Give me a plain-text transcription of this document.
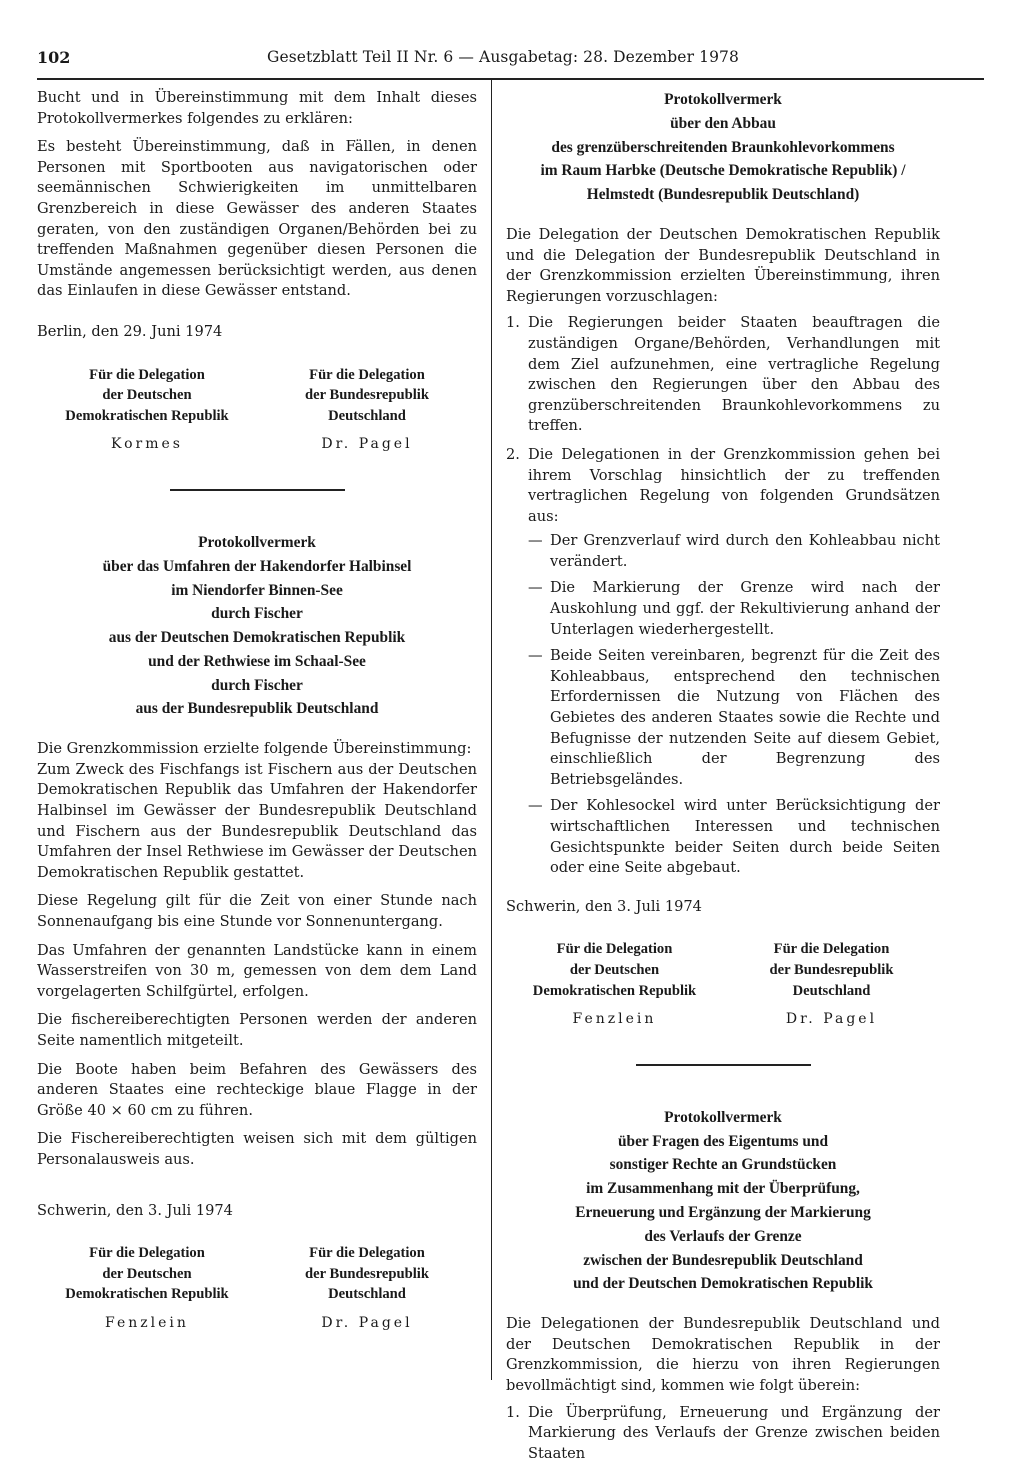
102	Gesetzblatt Teil II Nr. 6 — Ausgabetag: 28. Dezember 1978

Bucht und in Übereinstimmung mit dem Inhalt dieses Protokollvermerkes folgendes zu erklären:

Es besteht Übereinstimmung, daß in Fällen, in denen Personen mit Sportbooten aus navigatorischen oder seemännischen Schwierigkeiten im unmittelbaren Grenzbereich in diese Gewässer des anderen Staates geraten, von den zuständigen Organen/Behörden bei zu treffenden Maßnahmen gegenüber diesen Personen die Umstände angemessen berücksichtigt werden, aus denen das Einlaufen in diese Gewässer entstand.

Berlin, den 29. Juni 1974
Für die Delegation
der Deutschen
Demokratischen Republik
Kormes
Für die Delegation
der Bundesrepublik
Deutschland
Dr. Pagel
Protokollvermerk
über das Umfahren der Hakendorfer Halbinsel
im Niendorfer Binnen-See
durch Fischer
aus der Deutschen Demokratischen Republik
und der Rethwiese im Schaal-See
durch Fischer
aus der Bundesrepublik Deutschland

Die Grenzkommission erzielte folgende Übereinstimmung:

Zum Zweck des Fischfangs ist Fischern aus der Deutschen Demokratischen Republik das Umfahren der Hakendorfer Halbinsel im Gewässer der Bundesrepublik Deutschland und Fischern aus der Bundesrepublik Deutschland das Umfahren der Insel Rethwiese im Gewässer der Deutschen Demokratischen Republik gestattet.

Diese Regelung gilt für die Zeit von einer Stunde nach Sonnenaufgang bis eine Stunde vor Sonnenuntergang.

Das Umfahren der genannten Landstücke kann in einem Wasserstreifen von 30 m, gemessen von dem dem Land vorgelagerten Schilfgürtel, erfolgen.

Die fischereiberechtigten Personen werden der anderen Seite namentlich mitgeteilt.

Die Boote haben beim Befahren des Gewässers des anderen Staates eine rechteckige blaue Flagge in der Größe 40 × 60 cm zu führen.

Die Fischereiberechtigten weisen sich mit dem gültigen Personalausweis aus.

Schwerin, den 3. Juli 1974
Für die Delegation
der Deutschen
Demokratischen Republik
Fenzlein
Für die Delegation
der Bundesrepublik
Deutschland
Dr. Pagel
Protokollvermerk
über den Abbau
des grenzüberschreitenden Braunkohlevorkommens
im Raum Harbke (Deutsche Demokratische Republik) /
Helmstedt (Bundesrepublik Deutschland)

Die Delegation der Deutschen Demokratischen Republik und die Delegation der Bundesrepublik Deutschland in der Grenzkommission erzielten Übereinstimmung, ihren Regierungen vorzuschlagen:

1. Die Regierungen beider Staaten beauftragen die zuständigen Organe/Behörden, Verhandlungen mit dem Ziel aufzunehmen, eine vertragliche Regelung zwischen den Regierungen über den Abbau des grenzüberschreitenden Braunkohlevorkommens zu treffen.
2. Die Delegationen in der Grenzkommission gehen bei ihrem Vorschlag hinsichtlich der zu treffenden vertraglichen Regelung von folgenden Grundsätzen aus:
— Der Grenzverlauf wird durch den Kohleabbau nicht verändert.
— Die Markierung der Grenze wird nach der Auskohlung und ggf. der Rekultivierung anhand der Unterlagen wiederhergestellt.
— Beide Seiten vereinbaren, begrenzt für die Zeit des Kohleabbaus, entsprechend den technischen Erfordernissen die Nutzung von Flächen des Gebietes des anderen Staates sowie die Rechte und Befugnisse der nutzenden Seite auf diesem Gebiet, einschließlich der Begrenzung des Betriebsgeländes.
— Der Kohlesockel wird unter Berücksichtigung der wirtschaftlichen Interessen und technischen Gesichtspunkte beider Seiten durch beide Seiten oder eine Seite abgebaut.
Schwerin, den 3. Juli 1974
Für die Delegation
der Deutschen
Demokratischen Republik
Fenzlein
Für die Delegation
der Bundesrepublik
Deutschland
Dr. Pagel
Protokollvermerk
über Fragen des Eigentums und
sonstiger Rechte an Grundstücken
im Zusammenhang mit der Überprüfung,
Erneuerung und Ergänzung der Markierung
des Verlaufs der Grenze
zwischen der Bundesrepublik Deutschland
und der Deutschen Demokratischen Republik

Die Delegationen der Bundesrepublik Deutschland und der Deutschen Demokratischen Republik in der Grenzkommission, die hierzu von ihren Regierungen bevollmächtigt sind, kommen wie folgt überein:

1. Die Überprüfung, Erneuerung und Ergänzung der Markierung des Verlaufs der Grenze zwischen beiden Staaten
